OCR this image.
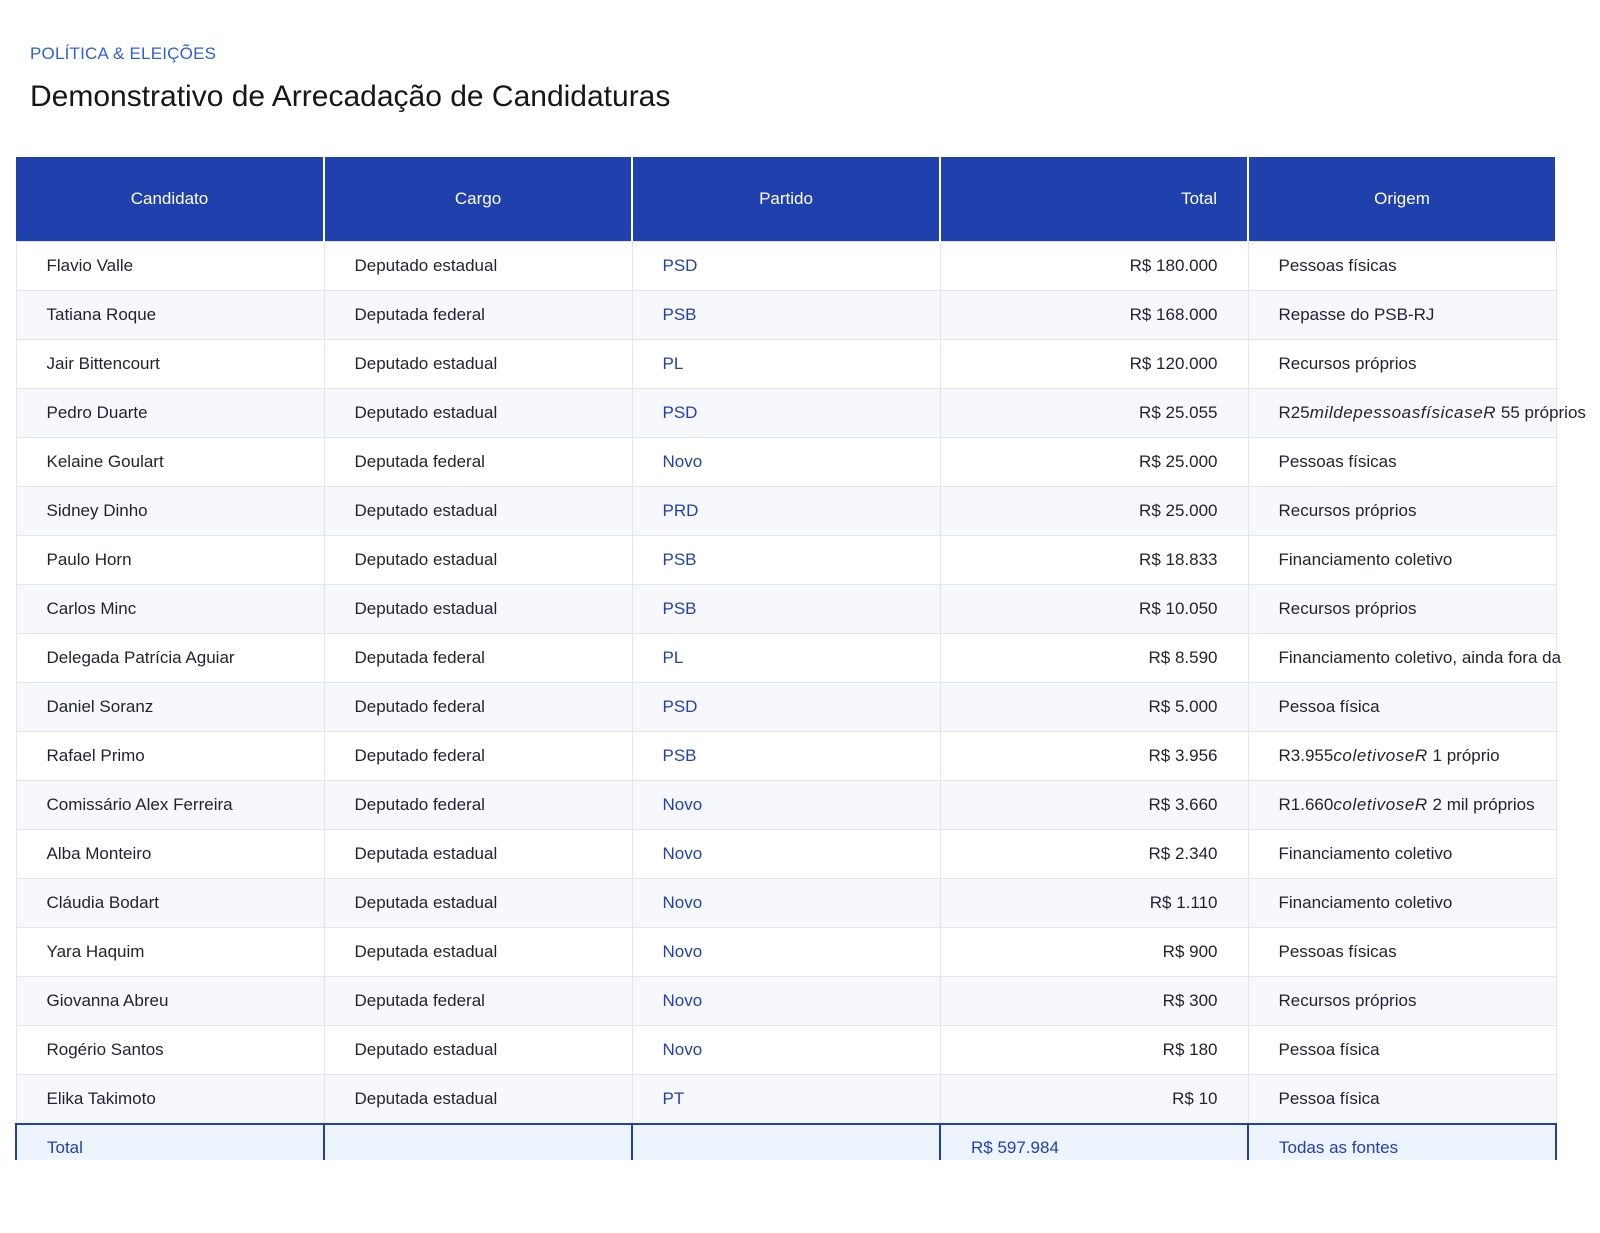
POLÍTICA & ELEIÇÕES
Demonstrativo de Arrecadação de Candidaturas
Candidato	Cargo	Partido	Total	Origem
Flavio Valle	Deputado estadual	PSD	R$ 180.000	Pessoas físicas
Tatiana Roque	Deputada federal	PSB	R$ 168.000	Repasse do PSB-RJ
Jair Bittencourt	Deputado estadual	PL	R$ 120.000	Recursos próprios
Pedro Duarte	Deputado estadual	PSD	R$ 25.055	R25mildepessoasfísicaseR 55 próprios
Kelaine Goulart	Deputada federal	Novo	R$ 25.000	Pessoas físicas
Sidney Dinho	Deputado estadual	PRD	R$ 25.000	Recursos próprios
Paulo Horn	Deputado estadual	PSB	R$ 18.833	Financiamento coletivo
Carlos Minc	Deputado estadual	PSB	R$ 10.050	Recursos próprios
Delegada Patrícia Aguiar	Deputada federal	PL	R$ 8.590	Financiamento coletivo, ainda fora da
Daniel Soranz	Deputado federal	PSD	R$ 5.000	Pessoa física
Rafael Primo	Deputado federal	PSB	R$ 3.956	R3.955coletivoseR 1 próprio
Comissário Alex Ferreira	Deputado federal	Novo	R$ 3.660	R1.660coletivoseR 2 mil próprios
Alba Monteiro	Deputada estadual	Novo	R$ 2.340	Financiamento coletivo
Cláudia Bodart	Deputada estadual	Novo	R$ 1.110	Financiamento coletivo
Yara Haquim	Deputada estadual	Novo	R$ 900	Pessoas físicas
Giovanna Abreu	Deputada federal	Novo	R$ 300	Recursos próprios
Rogério Santos	Deputado estadual	Novo	R$ 180	Pessoa física
Elika Takimoto	Deputada estadual	PT	R$ 10	Pessoa física
Total			R$ 597.984	Todas as fontes
